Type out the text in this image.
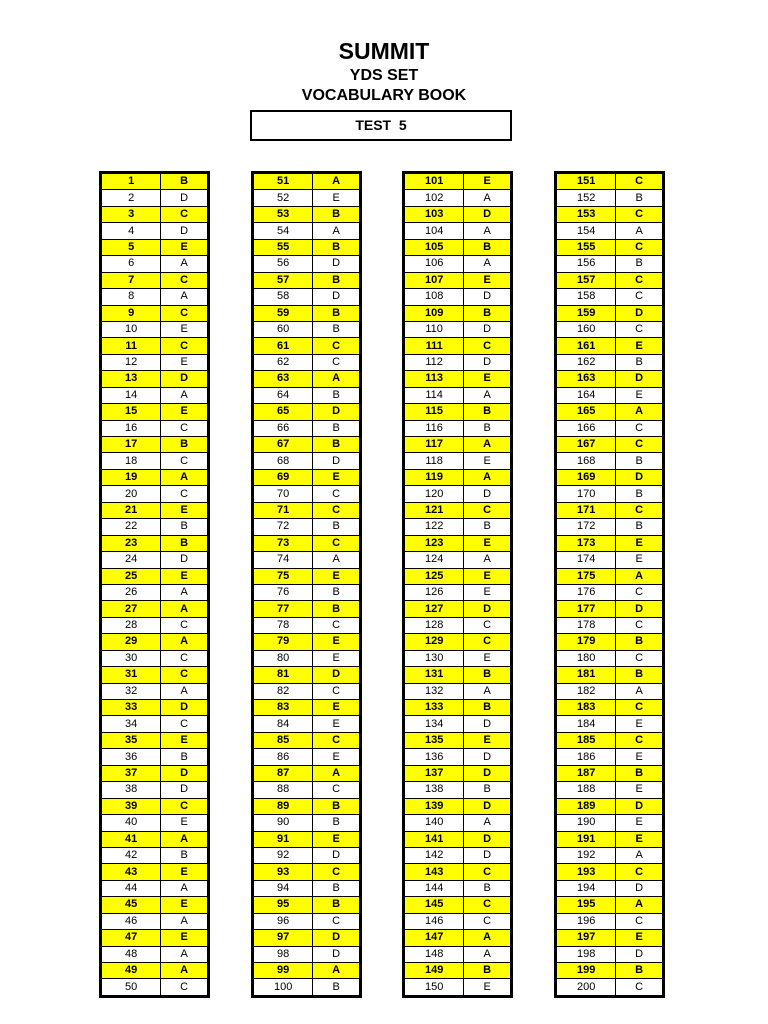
SUMMIT
YDS SET
VOCABULARY BOOK
TEST  5
1	B
2	D
3	C
4	D
5	E
6	A
7	C
8	A
9	C
10	E
11	C
12	E
13	D
14	A
15	E
16	C
17	B
18	C
19	A
20	C
21	E
22	B
23	B
24	D
25	E
26	A
27	A
28	C
29	A
30	C
31	C
32	A
33	D
34	C
35	E
36	B
37	D
38	D
39	C
40	E
41	A
42	B
43	E
44	A
45	E
46	A
47	E
48	A
49	A
50	C
51	A
52	E
53	B
54	A
55	B
56	D
57	B
58	D
59	B
60	B
61	C
62	C
63	A
64	B
65	D
66	B
67	B
68	D
69	E
70	C
71	C
72	B
73	C
74	A
75	E
76	B
77	B
78	C
79	E
80	E
81	D
82	C
83	E
84	E
85	C
86	E
87	A
88	C
89	B
90	B
91	E
92	D
93	C
94	B
95	B
96	C
97	D
98	D
99	A
100	B
101	E
102	A
103	D
104	A
105	B
106	A
107	E
108	D
109	B
110	D
111	C
112	D
113	E
114	A
115	B
116	B
117	A
118	E
119	A
120	D
121	C
122	B
123	E
124	A
125	E
126	E
127	D
128	C
129	C
130	E
131	B
132	A
133	B
134	D
135	E
136	D
137	D
138	B
139	D
140	A
141	D
142	D
143	C
144	B
145	C
146	C
147	A
148	A
149	B
150	E
151	C
152	B
153	C
154	A
155	C
156	B
157	C
158	C
159	D
160	C
161	E
162	B
163	D
164	E
165	A
166	C
167	C
168	B
169	D
170	B
171	C
172	B
173	E
174	E
175	A
176	C
177	D
178	C
179	B
180	C
181	B
182	A
183	C
184	E
185	C
186	E
187	B
188	E
189	D
190	E
191	E
192	A
193	C
194	D
195	A
196	C
197	E
198	D
199	B
200	C
